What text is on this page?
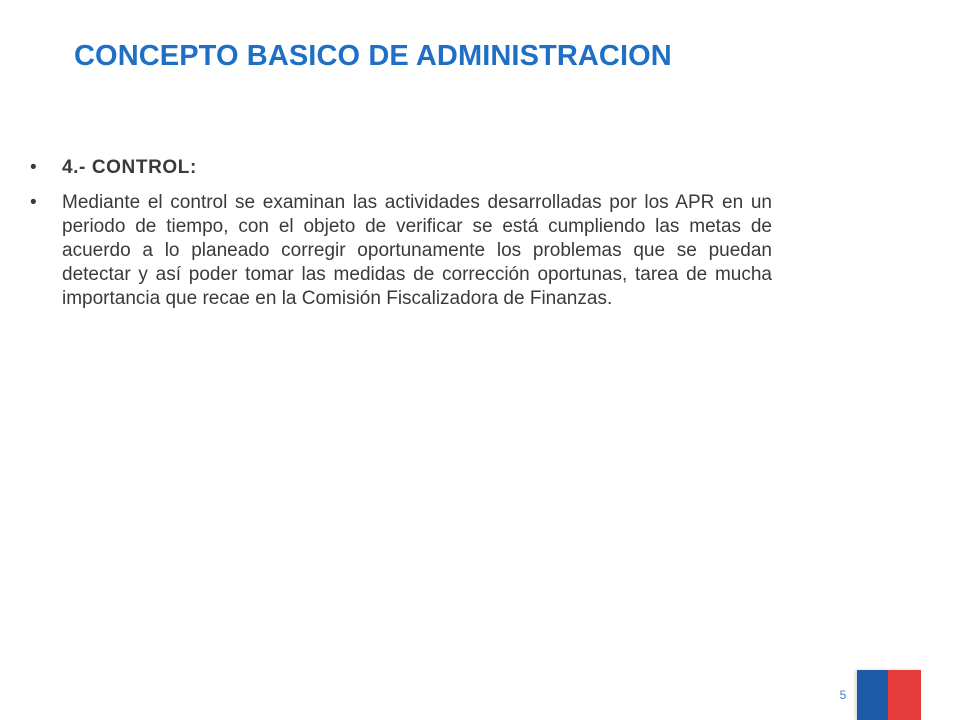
CONCEPTO BASICO DE ADMINISTRACION
•	4.- CONTROL:
•	Mediante el control se examinan las actividades desarrolladas por los APR en un periodo de tiempo, con el objeto de verificar se está cumpliendo las metas de acuerdo a lo planeado corregir oportunamente los problemas que se puedan detectar y así poder tomar las medidas de corrección oportunas, tarea de mucha importancia que recae en la Comisión Fiscalizadora de Finanzas.
5
